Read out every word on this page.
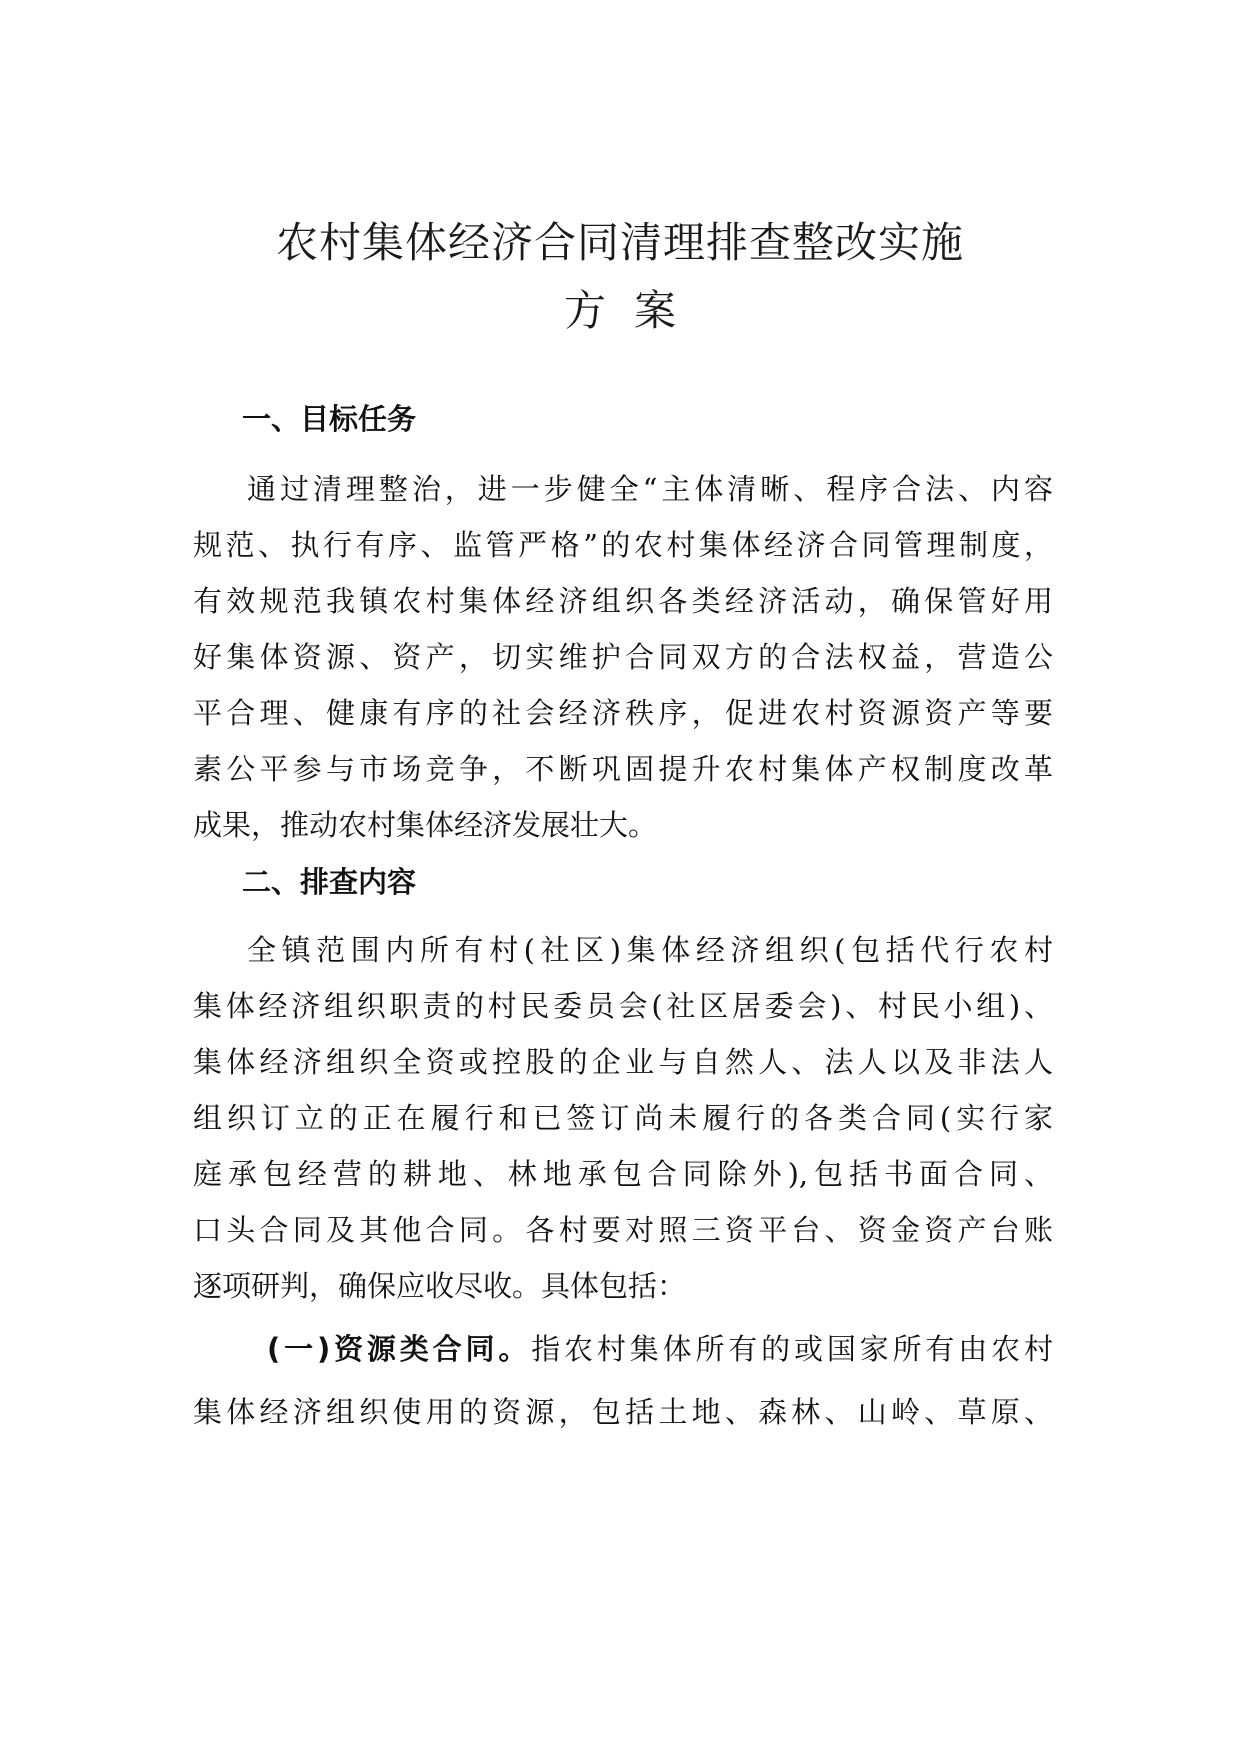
农村集体经济合同清理排查整改实施
方案
一、目标任务
通过清理整治，进一步健全“主体清晰、程序合法、内容
规范、执行有序、监管严格”的农村集体经济合同管理制度，
有效规范我镇农村集体经济组织各类经济活动，确保管好用
好集体资源、资产，切实维护合同双方的合法权益，营造公
平合理、健康有序的社会经济秩序，促进农村资源资产等要
素公平参与市场竞争，不断巩固提升农村集体产权制度改革
成果，推动农村集体经济发展壮大。
二、排查内容
全镇范围内所有村(社区)集体经济组织(包括代行农村
集体经济组织职责的村民委员会(社区居委会)、村民小组)、
集体经济组织全资或控股的企业与自然人、法人以及非法人
组织订立的正在履行和已签订尚未履行的各类合同(实行家
庭承包经营的耕地、林地承包合同除外),包括书面合同、
口头合同及其他合同。各村要对照三资平台、资金资产台账
逐项研判，确保应收尽收。具体包括：
(一)资源类合同。指农村集体所有的或国家所有由农村
集体经济组织使用的资源，包括土地、森林、山岭、草原、
